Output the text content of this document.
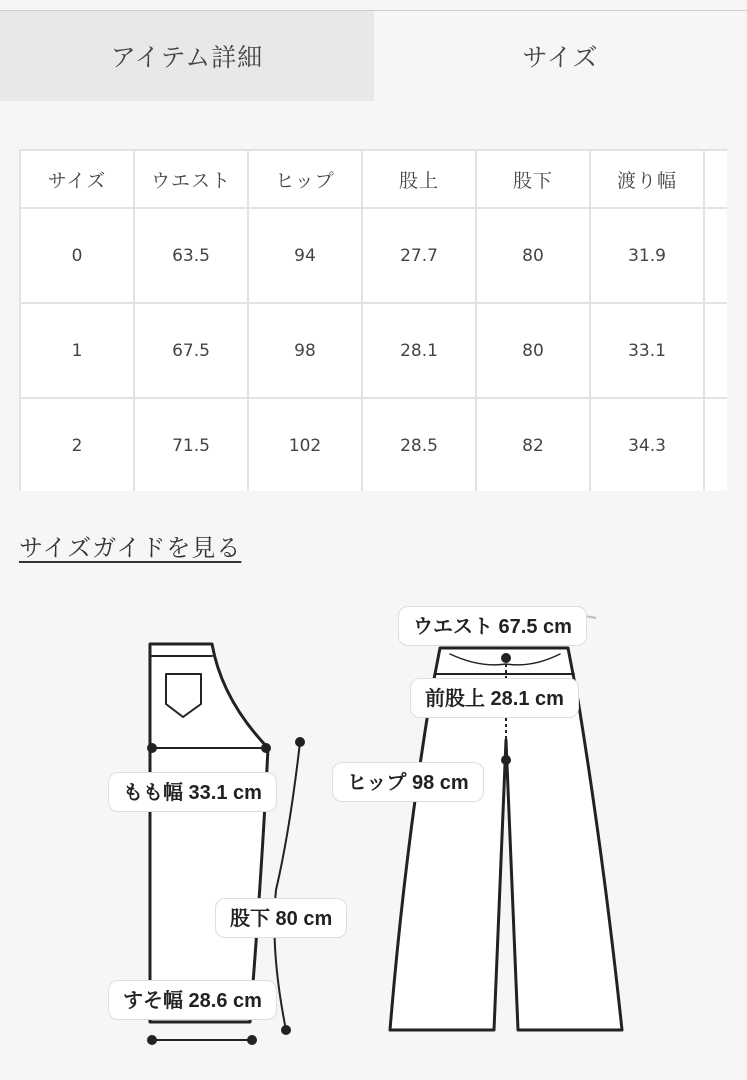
アイテム詳細	サイズ
サイズ	ウエスト	ヒップ	股上	股下	渡り幅	
0	63.5	94	27.7	80	31.9	
1	67.5	98	28.1	80	33.1	
2	71.5	102	28.5	82	34.3	
サイズガイドを見る
ウエスト 67.5 cm
前股上 28.1 cm
ヒップ 98 cm
もも幅 33.1 cm
股下 80 cm
すそ幅 28.6 cm
